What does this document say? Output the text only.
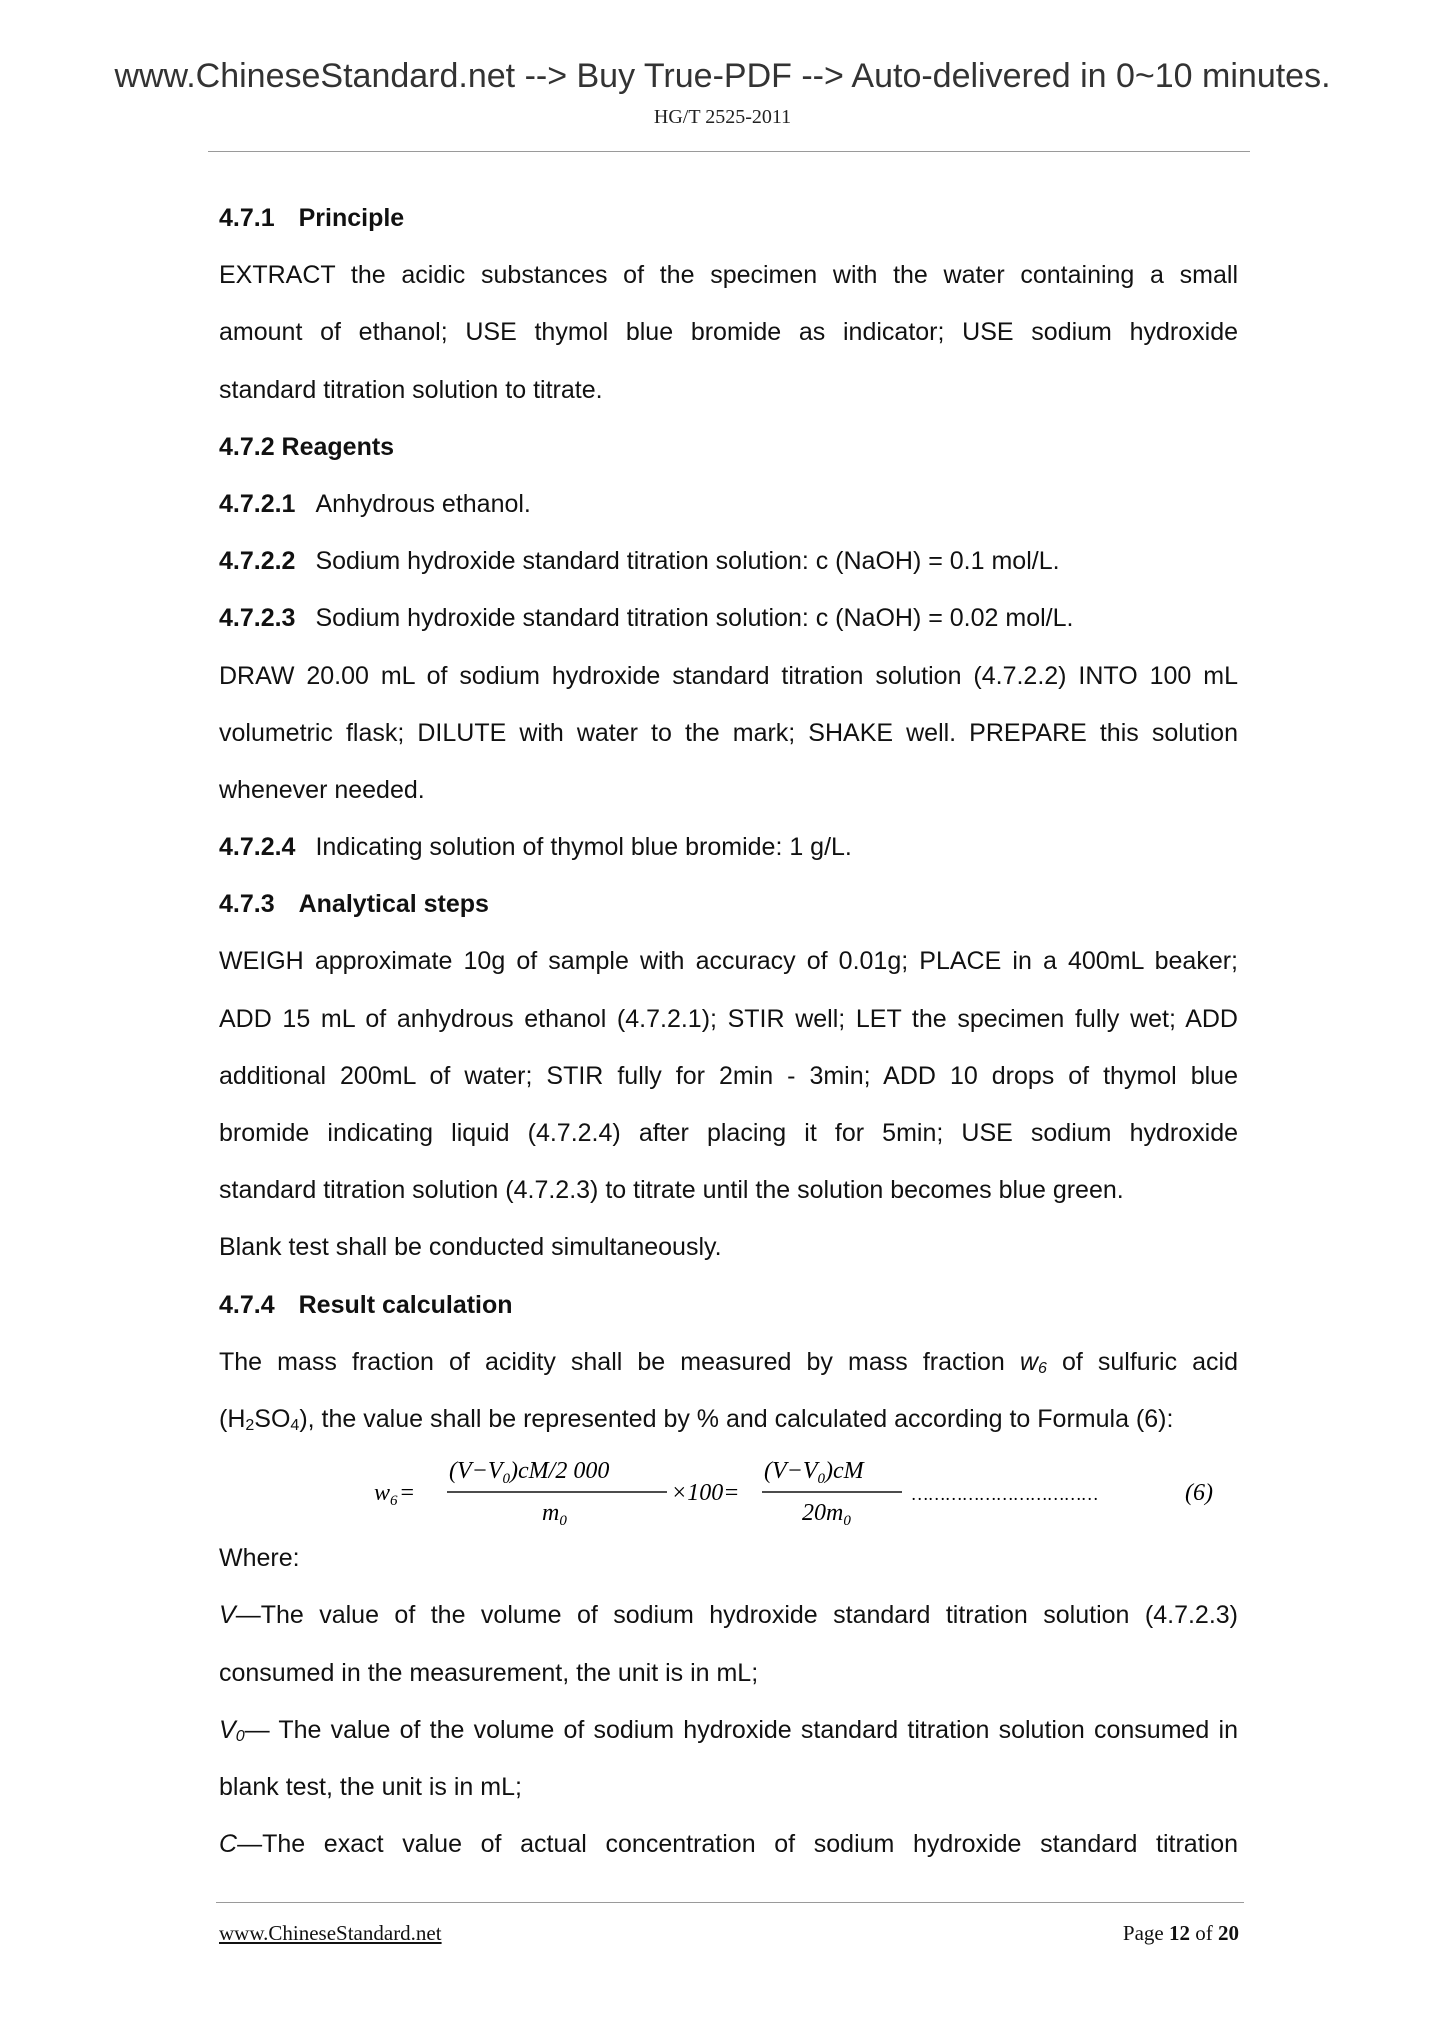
www.ChineseStandard.net --> Buy True-PDF --> Auto-delivered in 0~10 minutes.
HG/T 2525-2011
4.7.1 Principle
EXTRACT the acidic substances of the specimen with the water containing a small
amount of ethanol; USE thymol blue bromide as indicator; USE sodium hydroxide
standard titration solution to titrate.
4.7.2 Reagents
4.7.2.1 Anhydrous ethanol.
4.7.2.2 Sodium hydroxide standard titration solution: c (NaOH) = 0.1 mol/L.
4.7.2.3 Sodium hydroxide standard titration solution: c (NaOH) = 0.02 mol/L.
DRAW 20.00 mL of sodium hydroxide standard titration solution (4.7.2.2) INTO 100 mL
volumetric flask; DILUTE with water to the mark; SHAKE well. PREPARE this solution
whenever needed.
4.7.2.4 Indicating solution of thymol blue bromide: 1 g/L.
4.7.3 Analytical steps
WEIGH approximate 10g of sample with accuracy of 0.01g; PLACE in a 400mL beaker;
ADD 15 mL of anhydrous ethanol (4.7.2.1); STIR well; LET the specimen fully wet; ADD
additional 200mL of water; STIR fully for 2min - 3min; ADD 10 drops of thymol blue
bromide indicating liquid (4.7.2.4) after placing it for 5min; USE sodium hydroxide
standard titration solution (4.7.2.3) to titrate until the solution becomes blue green.
Blank test shall be conducted simultaneously.
4.7.4 Result calculation
The mass fraction of acidity shall be measured by mass fraction $w_6$ of sulfuric acid
$(H_2SO_4)$, the value shall be represented by % and calculated according to Formula (6):
$w_6$ =
$(V-V_0)cM/2$ 000
$m_0$
×100=
$(V-V_0)cM$
$20m_0$
……………………………	(6)
Where:
V—The value of the volume of sodium hydroxide standard titration solution (4.7.2.3)
consumed in the measurement, the unit is in mL;
$V_0—$ The value of the volume of sodium hydroxide standard titration solution consumed in
blank test, the unit is in mL;
C—The exact value of actual concentration of sodium hydroxide standard titration
www.ChineseStandard.net	Page 12 of 20
